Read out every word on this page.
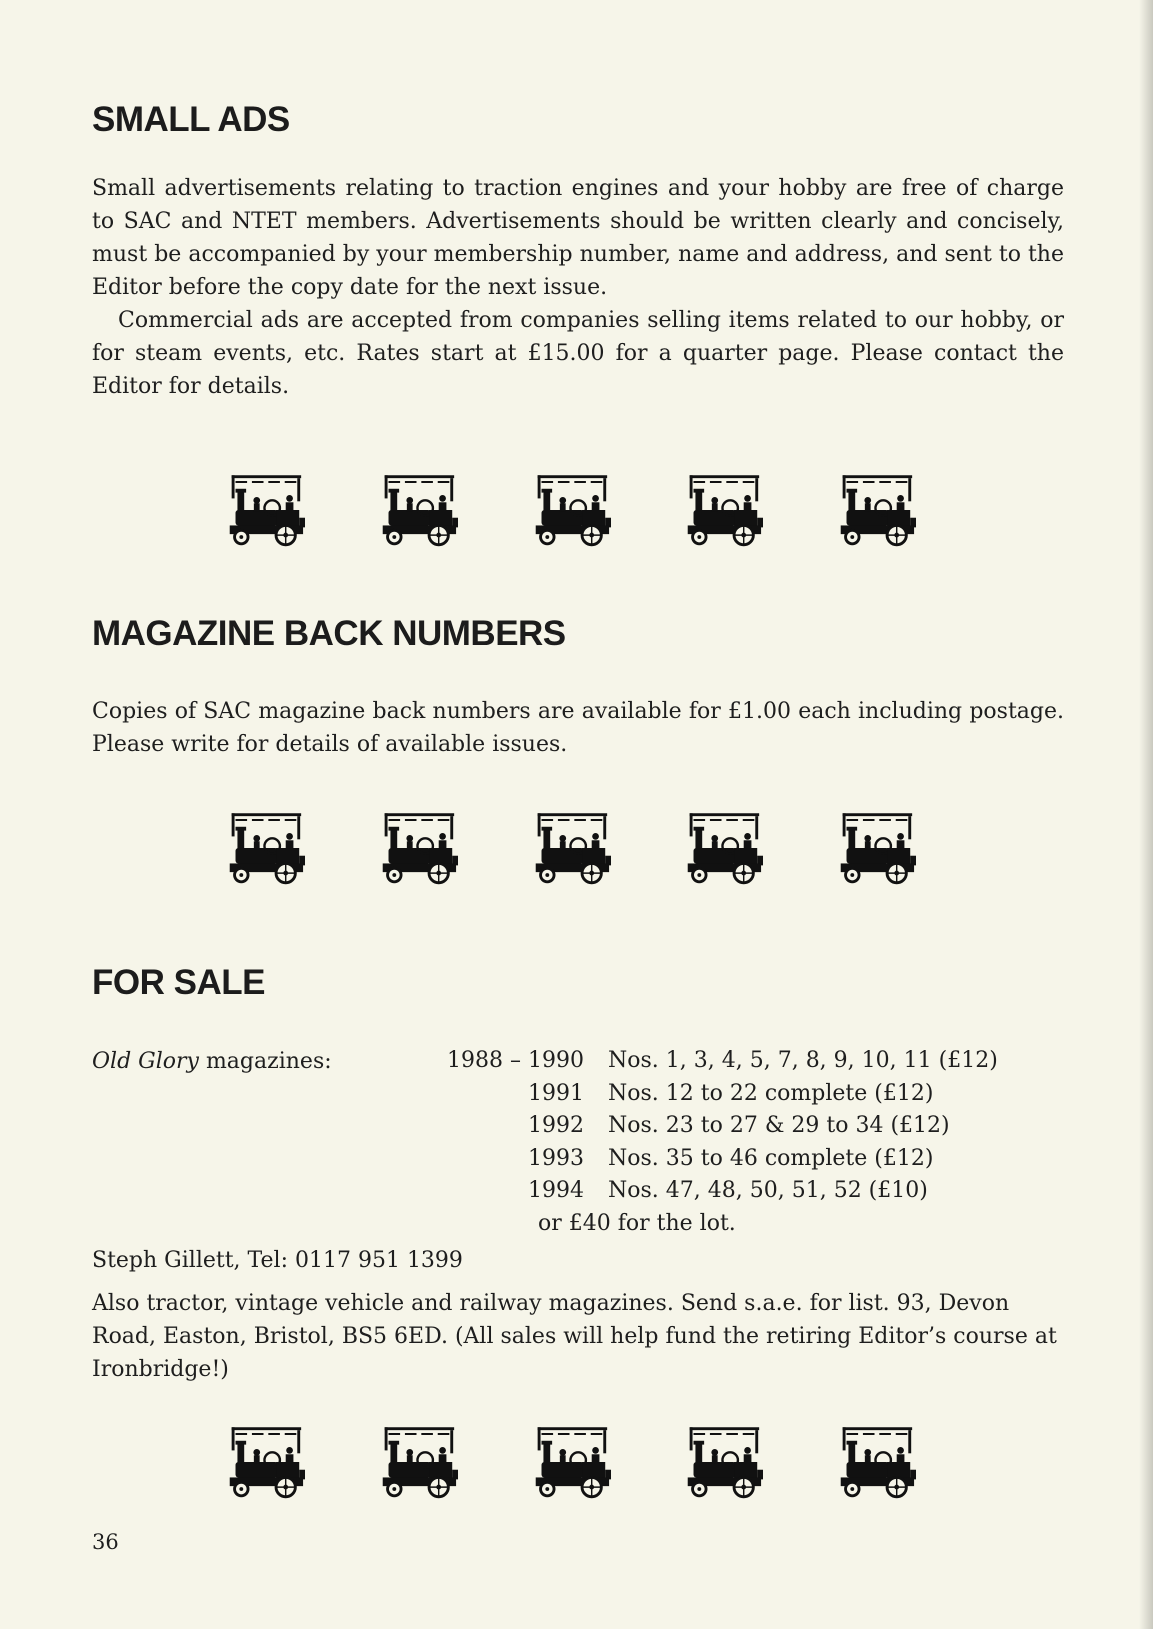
SMALL ADS

Small advertisements relating to traction engines and your hobby are free of charge to SAC and NTET members. Advertisements should be written clearly and concisely, must be accompanied by your membership number, name and address, and sent to the Editor before the copy date for the next issue.

Commercial ads are accepted from companies selling items related to our hobby, or for steam events, etc. Rates start at £15.00 for a quarter page. Please contact the Editor for details.

MAGAZINE BACK NUMBERS

Copies of SAC magazine back numbers are available for £1.00 each including postage. Please write for details of available issues.

FOR SALE

Old Glory magazines:	1988 – 1990	Nos. 1, 3, 4, 5, 7, 8, 9, 10, 11 (£12)
1991	Nos. 12 to 22 complete (£12)
1992	Nos. 23 to 27 & 29 to 34 (£12)
1993	Nos. 35 to 46 complete (£12)
1994	Nos. 47, 48, 50, 51, 52 (£10)
or £40 for the lot.

Steph Gillett, Tel: 0117 951 1399

Also tractor, vintage vehicle and railway magazines. Send s.a.e. for list. 93, Devon Road, Easton, Bristol, BS5 6ED. (All sales will help fund the retiring Editor’s course at Ironbridge!)

36
